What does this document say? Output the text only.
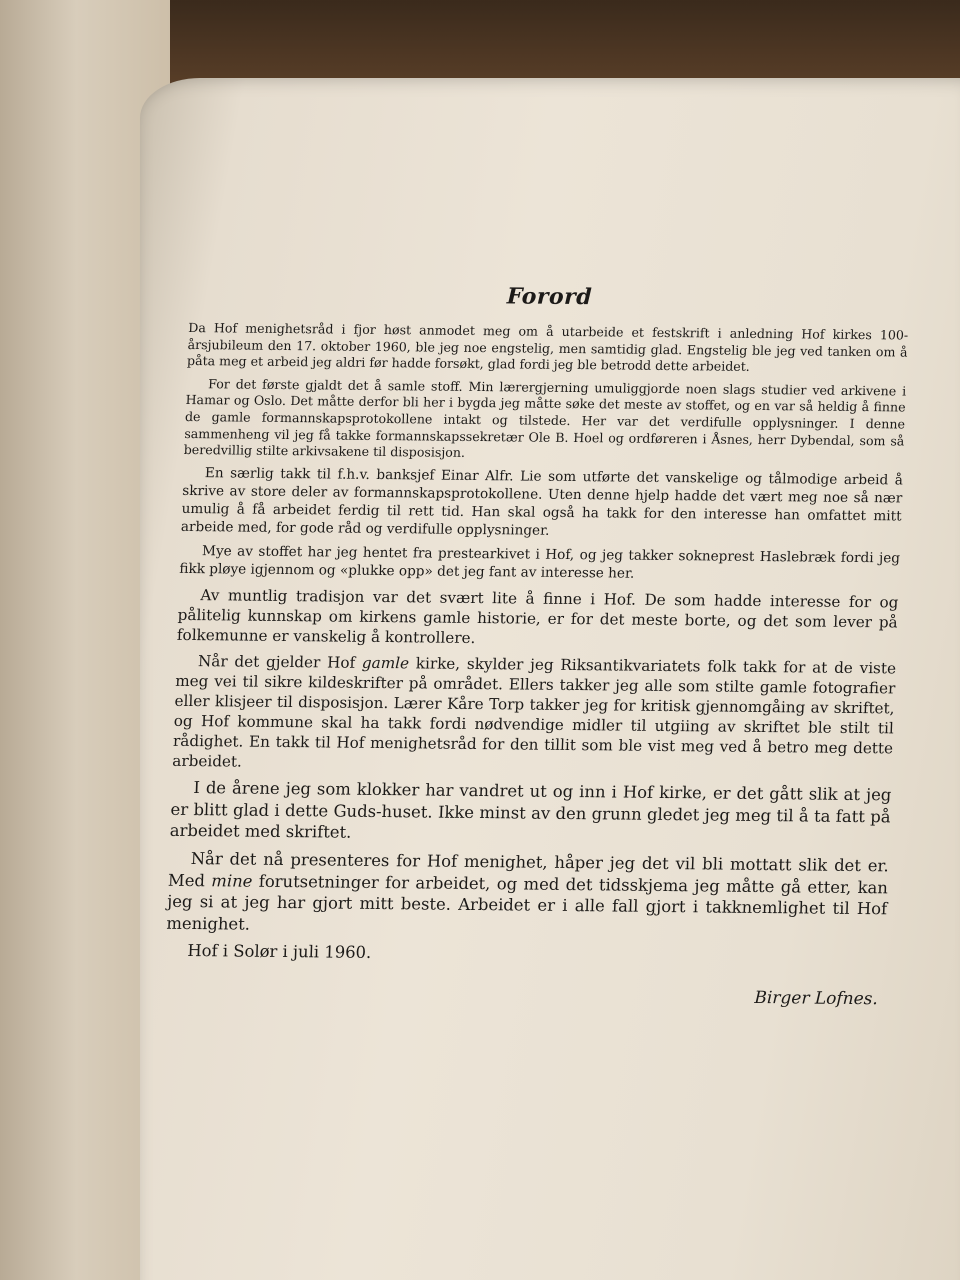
Forord

Da Hof menighetsråd i fjor høst anmodet meg om å utarbeide et festskrift i anledning Hof kirkes 100-årsjubileum den 17. oktober 1960, ble jeg noe engstelig, men samtidig glad. Engstelig ble jeg ved tanken om å påta meg et arbeid jeg aldri før hadde forsøkt, glad fordi jeg ble betrodd dette arbeidet.

For det første gjaldt det å samle stoff. Min lærergjerning umuliggjorde noen slags studier ved arkivene i Hamar og Oslo. Det måtte derfor bli her i bygda jeg måtte søke det meste av stoffet, og en var så heldig å finne de gamle formannskapsprotokollene intakt og tilstede. Her var det verdifulle opplysninger. I denne sammenheng vil jeg få takke formannskapssekretær Ole B. Hoel og ordføreren i Åsnes, herr Dybendal, som så beredvillig stilte arkivsakene til disposisjon.

En særlig takk til f.h.v. banksjef Einar Alfr. Lie som utførte det vanskelige og tålmodige arbeid å skrive av store deler av formannskapsprotokollene. Uten denne hjelp hadde det vært meg noe så nær umulig å få arbeidet ferdig til rett tid. Han skal også ha takk for den interesse han omfattet mitt arbeide med, for gode råd og verdifulle opplysninger.

Mye av stoffet har jeg hentet fra prestearkivet i Hof, og jeg takker sokneprest Haslebræk fordi jeg fikk pløye igjennom og «plukke opp» det jeg fant av interesse her.

Av muntlig tradisjon var det svært lite å finne i Hof. De som hadde interesse for og pålitelig kunnskap om kirkens gamle historie, er for det meste borte, og det som lever på folkemunne er vanskelig å kontrollere.

Når det gjelder Hof gamle kirke, skylder jeg Riksantikvariatets folk takk for at de viste meg vei til sikre kildeskrifter på området. Ellers takker jeg alle som stilte gamle fotografier eller klisjeer til disposisjon. Lærer Kåre Torp takker jeg for kritisk gjennomgåing av skriftet, og Hof kommune skal ha takk fordi nødvendige midler til utgiing av skriftet ble stilt til rådighet. En takk til Hof menighetsråd for den tillit som ble vist meg ved å betro meg dette arbeidet.

I de årene jeg som klokker har vandret ut og inn i Hof kirke, er det gått slik at jeg er blitt glad i dette Guds-huset. Ikke minst av den grunn gledet jeg meg til å ta fatt på arbeidet med skriftet.

Når det nå presenteres for Hof menighet, håper jeg det vil bli mottatt slik det er. Med mine forutsetninger for arbeidet, og med det tidsskjema jeg måtte gå etter, kan jeg si at jeg har gjort mitt beste. Arbeidet er i alle fall gjort i takknemlighet til Hof menighet.

Hof i Solør i juli 1960.

Birger Lofnes.
